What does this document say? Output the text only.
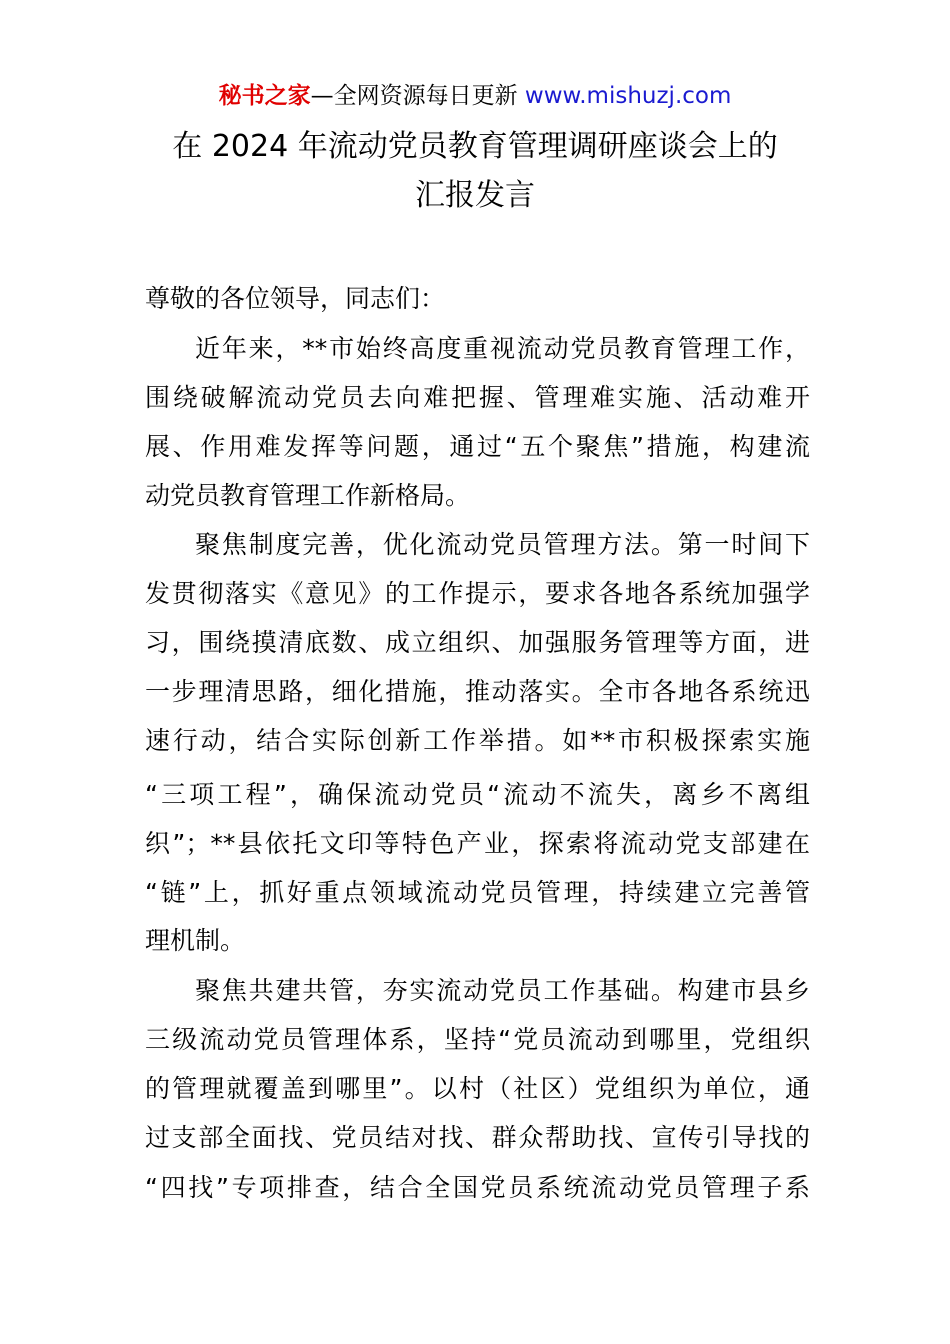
秘书之家—全网资源每日更新 www.mishuzj.com
在 2024 年流动党员教育管理调研座谈会上的
汇报发言
尊敬的各位领导，同志们：
近年来，**市始终高度重视流动党员教育管理工作，
围绕破解流动党员去向难把握、管理难实施、活动难开
展、作用难发挥等问题，通过“五个聚焦”措施，构建流
动党员教育管理工作新格局。
聚焦制度完善，优化流动党员管理方法。第一时间下
发贯彻落实《意见》的工作提示，要求各地各系统加强学
习，围绕摸清底数、成立组织、加强服务管理等方面，进
一步理清思路，细化措施，推动落实。全市各地各系统迅
速行动，结合实际创新工作举措。如**市积极探索实施
“三项工程”，确保流动党员“流动不流失，离乡不离组
织”；**县依托文印等特色产业，探索将流动党支部建在
“链”上，抓好重点领域流动党员管理，持续建立完善管
理机制。
聚焦共建共管，夯实流动党员工作基础。构建市县乡
三级流动党员管理体系，坚持“党员流动到哪里，党组织
的管理就覆盖到哪里”。以村（社区）党组织为单位，通
过支部全面找、党员结对找、群众帮助找、宣传引导找的
“四找”专项排查，结合全国党员系统流动党员管理子系
